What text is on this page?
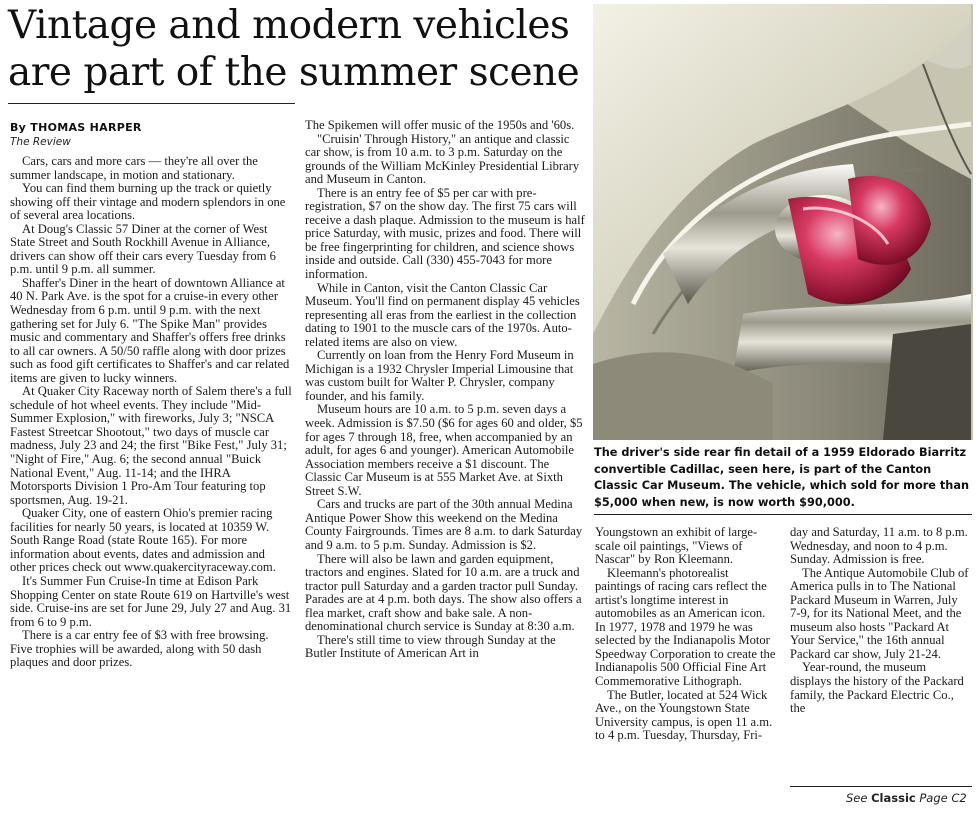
Vintage and modern vehicles
are part of the summer scene
By THOMAS HARPER
The Review

Cars, cars and more cars — they're all over the summer landscape, in motion and stationary.

You can find them burning up the track or quietly showing off their vintage and modern splendors in one of several area locations.

At Doug's Classic 57 Diner at the corner of West State Street and South Rockhill Avenue in Alliance, drivers can show off their cars every Tuesday from 6 p.m. until 9 p.m. all summer.

Shaffer's Diner in the heart of downtown Alliance at 40 N. Park Ave. is the spot for a cruise-in every other Wednesday from 6 p.m. until 9 p.m. with the next gathering set for July 6. "The Spike Man" provides music and commentary and Shaffer's offers free drinks to all car owners. A 50/50 raffle along with door prizes such as food gift certificates to Shaffer's and car related items are given to lucky winners.

At Quaker City Raceway north of Salem there's a full schedule of hot wheel events. They include "Mid-Summer Explosion," with fireworks, July 3; "NSCA Fastest Streetcar Shootout," two days of muscle car madness, July 23 and 24; the first "Bike Fest," July 31; "Night of Fire," Aug. 6; the second annual "Buick National Event," Aug. 11-14; and the IHRA Motorsports Division 1 Pro-Am Tour featuring top sportsmen, Aug. 19-21.

Quaker City, one of eastern Ohio's premier racing facilities for nearly 50 years, is located at 10359 W. South Range Road (state Route 165). For more information about events, dates and admission and other prices check out www.quakercityraceway.com.

It's Summer Fun Cruise-In time at Edison Park Shopping Center on state Route 619 on Hartville's west side. Cruise-ins are set for June 29, July 27 and Aug. 31 from 6 to 9 p.m.

There is a car entry fee of $3 with free browsing. Five trophies will be awarded, along with 50 dash plaques and door prizes.

The Spikemen will offer music of the 1950s and '60s.

"Cruisin' Through History," an antique and classic car show, is from 10 a.m. to 3 p.m. Saturday on the grounds of the William McKinley Presidential Library and Museum in Canton.

There is an entry fee of $5 per car with pre-registration, $7 on the show day. The first 75 cars will receive a dash plaque. Admission to the museum is half price Saturday, with music, prizes and food. There will be free fingerprinting for children, and science shows inside and outside. Call (330) 455-7043 for more information.

While in Canton, visit the Canton Classic Car Museum. You'll find on permanent display 45 vehicles representing all eras from the earliest in the collection dating to 1901 to the muscle cars of the 1970s. Auto-related items are also on view.

Currently on loan from the Henry Ford Museum in Michigan is a 1932 Chrysler Imperial Limousine that was custom built for Walter P. Chrysler, company founder, and his family.

Museum hours are 10 a.m. to 5 p.m. seven days a week. Admission is $7.50 ($6 for ages 60 and older, $5 for ages 7 through 18, free, when accompanied by an adult, for ages 6 and younger). American Automobile Association members receive a $1 discount. The Classic Car Museum is at 555 Market Ave. at Sixth Street S.W.

Cars and trucks are part of the 30th annual Medina Antique Power Show this weekend on the Medina County Fairgrounds. Times are 8 a.m. to dark Saturday and 9 a.m. to 5 p.m. Sunday. Admission is $2.

There will also be lawn and garden equipment, tractors and engines. Slated for 10 a.m. are a truck and tractor pull Saturday and a garden tractor pull Sunday. Parades are at 4 p.m. both days. The show also offers a flea market, craft show and bake sale. A non-denominational church service is Sunday at 8:30 a.m.

There's still time to view through Sunday at the Butler Institute of American Art in

The driver's side rear fin detail of a 1959 Eldorado Biarritz convertible Cadillac, seen here, is part of the Canton Classic Car Museum. The vehicle, which sold for more than $5,000 when new, is now worth $90,000.

Youngstown an exhibit of large-scale oil paintings, "Views of Nascar" by Ron Kleemann.

Kleemann's photorealist paintings of racing cars reflect the artist's longtime interest in automobiles as an American icon. In 1977, 1978 and 1979 he was selected by the Indianapolis Motor Speedway Corporation to create the Indianapolis 500 Official Fine Art Commemorative Lithograph.

The Butler, located at 524 Wick Ave., on the Youngstown State University campus, is open 11 a.m. to 4 p.m. Tuesday, Thursday, Fri-

day and Saturday, 11 a.m. to 8 p.m. Wednesday, and noon to 4 p.m. Sunday. Admission is free.

The Antique Automobile Club of America pulls in to The National Packard Museum in Warren, July 7-9, for its National Meet, and the museum also hosts "Packard At Your Service," the 16th annual Packard car show, July 21-24.

Year-round, the museum displays the history of the Packard family, the Packard Electric Co., the

See Classic Page C2
